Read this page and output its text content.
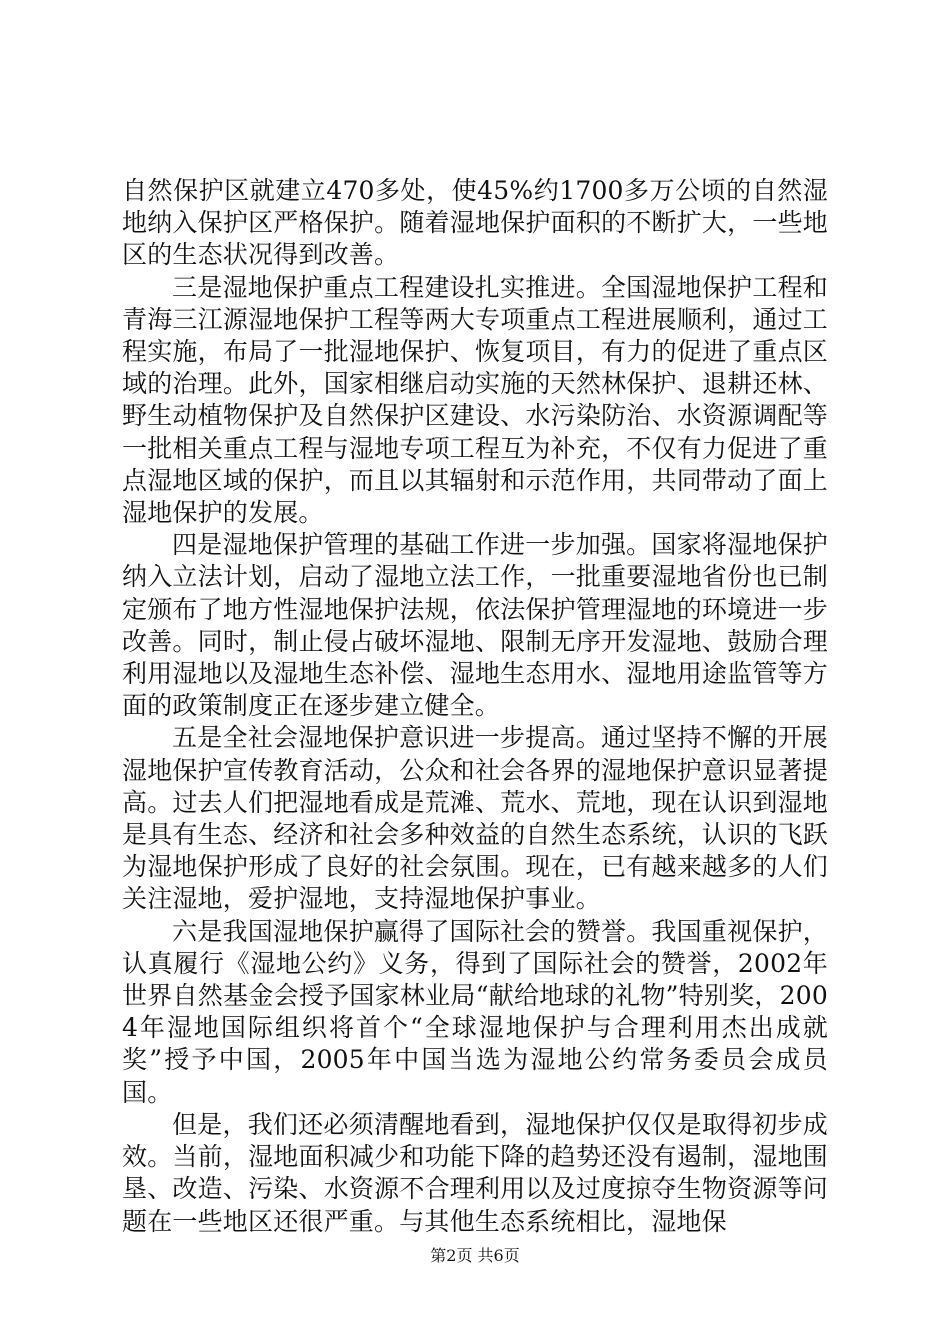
自然保护区就建立470多处，使45%约1700多万公顷的自然湿地纳入保护区严格保护。随着湿地保护面积的不断扩大，一些地区的生态状况得到改善。

三是湿地保护重点工程建设扎实推进。全国湿地保护工程和青海三江源湿地保护工程等两大专项重点工程进展顺利，通过工程实施，布局了一批湿地保护、恢复项目，有力的促进了重点区域的治理。此外，国家相继启动实施的天然林保护、退耕还林、野生动植物保护及自然保护区建设、水污染防治、水资源调配等一批相关重点工程与湿地专项工程互为补充，不仅有力促进了重点湿地区域的保护，而且以其辐射和示范作用，共同带动了面上湿地保护的发展。

四是湿地保护管理的基础工作进一步加强。国家将湿地保护纳入立法计划，启动了湿地立法工作，一批重要湿地省份也已制定颁布了地方性湿地保护法规，依法保护管理湿地的环境进一步改善。同时，制止侵占破坏湿地、限制无序开发湿地、鼓励合理利用湿地以及湿地生态补偿、湿地生态用水、湿地用途监管等方面的政策制度正在逐步建立健全。

五是全社会湿地保护意识进一步提高。通过坚持不懈的开展湿地保护宣传教育活动，公众和社会各界的湿地保护意识显著提高。过去人们把湿地看成是荒滩、荒水、荒地，现在认识到湿地是具有生态、经济和社会多种效益的自然生态系统，认识的飞跃为湿地保护形成了良好的社会氛围。现在，已有越来越多的人们关注湿地，爱护湿地，支持湿地保护事业。

六是我国湿地保护赢得了国际社会的赞誉。我国重视保护，认真履行《湿地公约》义务，得到了国际社会的赞誉，2002年世界自然基金会授予国家林业局“献给地球的礼物”特别奖，2004年湿地国际组织将首个“全球湿地保护与合理利用杰出成就奖”授予中国，2005年中国当选为湿地公约常务委员会成员国。

但是，我们还必须清醒地看到，湿地保护仅仅是取得初步成效。当前，湿地面积减少和功能下降的趋势还没有遏制，湿地围垦、改造、污染、水资源不合理利用以及过度掠夺生物资源等问题在一些地区还很严重。与其他生态系统相比，湿地保

第2页 共6页
